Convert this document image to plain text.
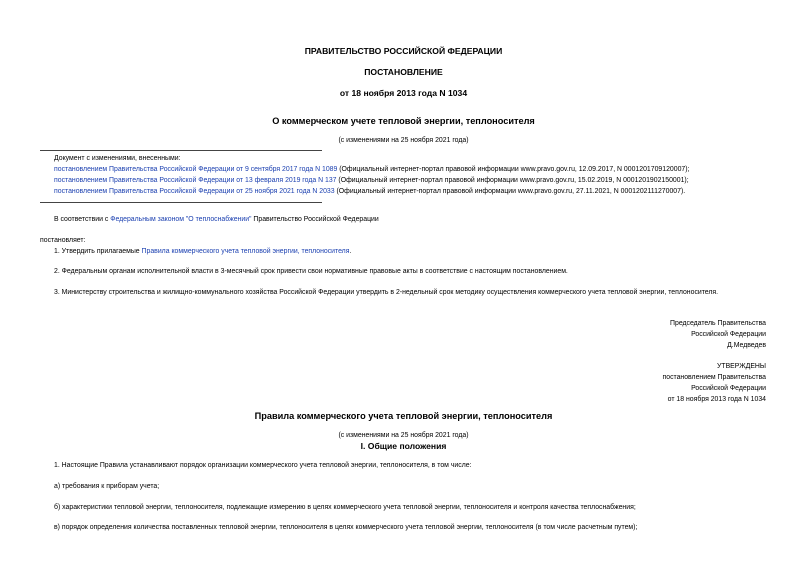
ПРАВИТЕЛЬСТВО РОССИЙСКОЙ ФЕДЕРАЦИИ
ПОСТАНОВЛЕНИЕ
от 18 ноября 2013 года N 1034
О коммерческом учете тепловой энергии, теплоносителя
(с изменениями на 25 ноября 2021 года)
Документ с изменениями, внесенными:
постановлением Правительства Российской Федерации от 9 сентября 2017 года N 1089 (Официальный интернет-портал правовой информации www.pravo.gov.ru, 12.09.2017, N 0001201709120007);
постановлением Правительства Российской Федерации от 13 февраля 2019 года N 137 (Официальный интернет-портал правовой информации www.pravo.gov.ru, 15.02.2019, N 0001201902150001);
постановлением Правительства Российской Федерации от 25 ноября 2021 года N 2033 (Официальный интернет-портал правовой информации www.pravo.gov.ru, 27.11.2021, N 0001202111270007).
В соответствии с Федеральным законом "О теплоснабжении" Правительство Российской Федерации
постановляет:
1. Утвердить прилагаемые Правила коммерческого учета тепловой энергии, теплоносителя.
2. Федеральным органам исполнительной власти в 3-месячный срок привести свои нормативные правовые акты в соответствие с настоящим постановлением.
3. Министерству строительства и жилищно-коммунального хозяйства Российской Федерации утвердить в 2-недельный срок методику осуществления коммерческого учета тепловой энергии, теплоносителя.
Председатель Правительства
Российской Федерации
Д.Медведев
УТВЕРЖДЕНЫ
постановлением Правительства
Российской Федерации
от 18 ноября 2013 года N 1034
Правила коммерческого учета тепловой энергии, теплоносителя
(с изменениями на 25 ноября 2021 года)
I. Общие положения
1. Настоящие Правила устанавливают порядок организации коммерческого учета тепловой энергии, теплоносителя, в том числе:
а) требования к приборам учета;
б) характеристики тепловой энергии, теплоносителя, подлежащие измерению в целях коммерческого учета тепловой энергии, теплоносителя и контроля качества теплоснабжения;
в) порядок определения количества поставленных тепловой энергии, теплоносителя в целях коммерческого учета тепловой энергии, теплоносителя (в том числе расчетным путем);
